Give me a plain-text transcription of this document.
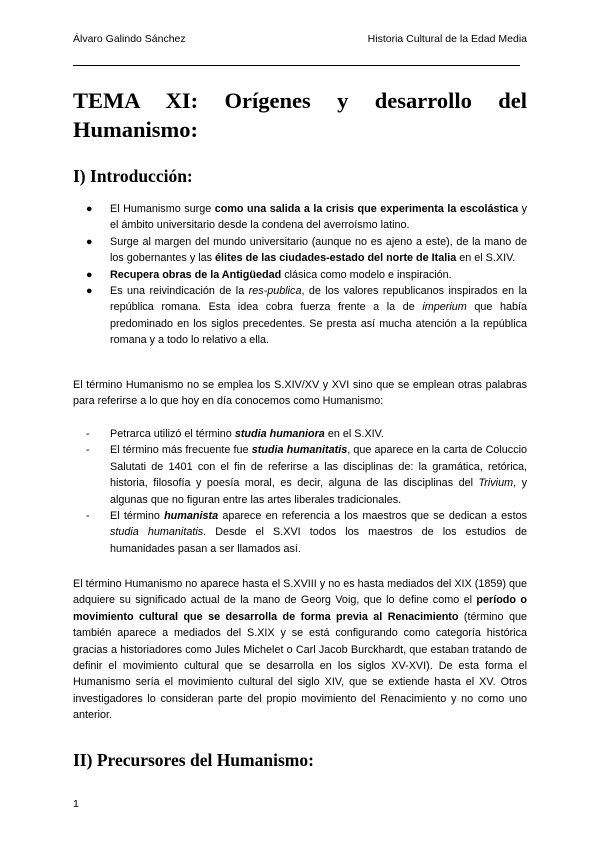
Álvaro Galindo Sánchez	Historia Cultural de la Edad Media
TEMA XI: Orígenes y desarrollo del Humanismo:
I) Introducción:
● El Humanismo surge como una salida a la crisis que experimenta la escolástica y el ámbito universitario desde la condena del averroísmo latino.
● Surge al margen del mundo universitario (aunque no es ajeno a este), de la mano de los gobernantes y las élites de las ciudades-estado del norte de Italia en el S.XIV.
● Recupera obras de la Antigüedad clásica como modelo e inspiración.
● Es una reivindicación de la res-publica, de los valores republicanos inspirados en la república romana. Esta idea cobra fuerza frente a la de imperium que había predominado en los siglos precedentes. Se presta así mucha atención a la república romana y a todo lo relativo a ella.
El término Humanismo no se emplea los S.XIV/XV y XVI sino que se emplean otras palabras para referirse a lo que hoy en día conocemos como Humanismo:
- Petrarca utilizó el término studia humaniora en el S.XIV.
- El término más frecuente fue studia humanitatis, que aparece en la carta de Coluccio Salutati de 1401 con el fin de referirse a las disciplinas de: la gramática, retórica, historia, filosofía y poesía moral, es decir, alguna de las disciplinas del Trivium, y algunas que no figuran entre las artes liberales tradicionales.
- El término humanista aparece en referencia a los maestros que se dedican a estos studia humanitatis. Desde el S.XVI todos los maestros de los estudios de humanidades pasan a ser llamados así.
El término Humanismo no aparece hasta el S.XVIII y no es hasta mediados del XIX (1859) que adquiere su significado actual de la mano de Georg Voig, que lo define como el período o movimiento cultural que se desarrolla de forma previa al Renacimiento (término que también aparece a mediados del S.XIX y se está configurando como categoría histórica gracias a historiadores como Jules Michelet o Carl Jacob Burckhardt, que estaban tratando de definir el movimiento cultural que se desarrolla en los siglos XV-XVI). De esta forma el Humanismo sería el movimiento cultural del siglo XIV, que se extiende hasta el XV. Otros investigadores lo consideran parte del propio movimiento del Renacimiento y no como uno anterior.
II) Precursores del Humanismo:
1
